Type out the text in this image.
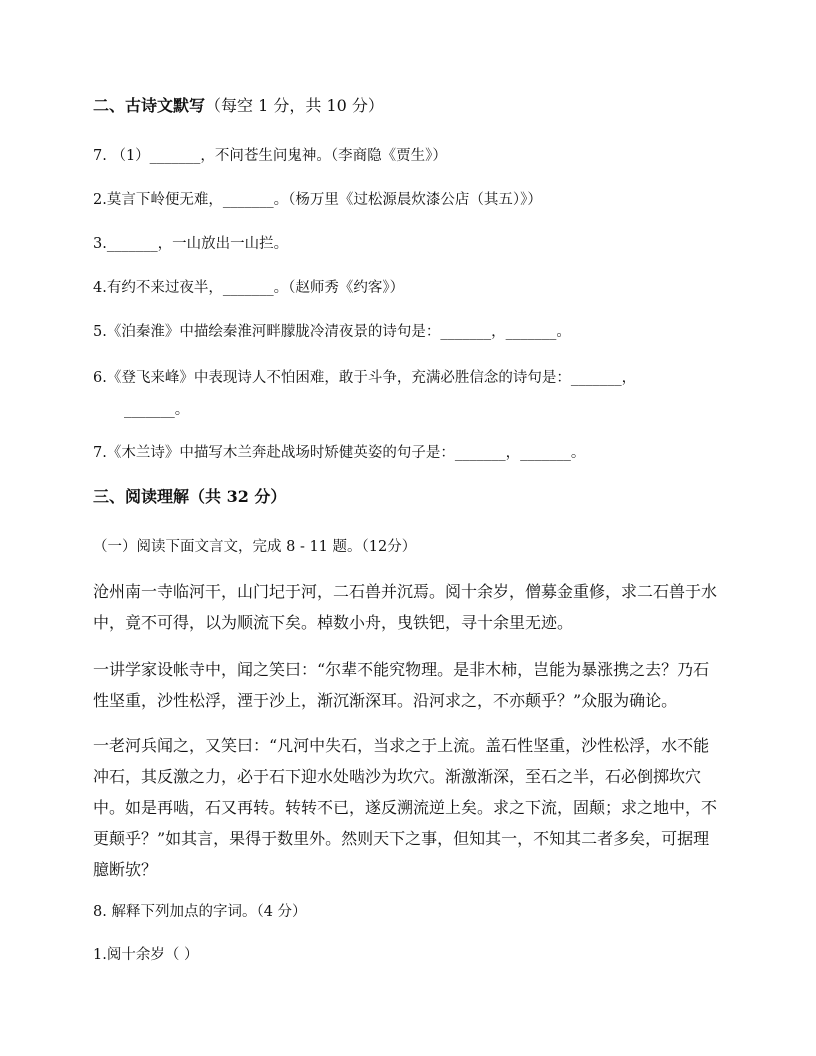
二、古诗文默写（每空 1 分，共 10 分）
7. （1）_______，不问苍生问鬼神。（李商隐《贾生》）
2.莫言下岭便无难，_______。（杨万里《过松源晨炊漆公店（其五）》）
3._______，一山放出一山拦。
4.有约不来过夜半，_______。（赵师秀《约客》）
5.《泊秦淮》中描绘秦淮河畔朦胧冷清夜景的诗句是：_______，_______。
6.《登飞来峰》中表现诗人不怕困难，敢于斗争，充满必胜信念的诗句是：_______，
_______。
7.《木兰诗》中描写木兰奔赴战场时矫健英姿的句子是：_______，_______。
三、阅读理解（共 32 分）
（一）阅读下面文言文，完成 8 - 11 题。（12分）
沧州南一寺临河干，山门圮于河，二石兽并沉焉。阅十余岁，僧募金重修，求二石兽于水中，竟不可得，以为顺流下矣。棹数小舟，曳铁钯，寻十余里无迹。
一讲学家设帐寺中，闻之笑曰：“尔辈不能究物理。是非木柿，岂能为暴涨携之去？乃石性坚重，沙性松浮，湮于沙上，渐沉渐深耳。沿河求之，不亦颠乎？”众服为确论。
一老河兵闻之，又笑曰：“凡河中失石，当求之于上流。盖石性坚重，沙性松浮，水不能冲石，其反激之力，必于石下迎水处啮沙为坎穴。渐激渐深，至石之半，石必倒掷坎穴中。如是再啮，石又再转。转转不已，遂反溯流逆上矣。求之下流，固颠；求之地中，不更颠乎？”如其言，果得于数里外。然则天下之事，但知其一，不知其二者多矣，可据理臆断欤？
8. 解释下列加点的字词。（4 分）
1.阅十余岁（ ）
